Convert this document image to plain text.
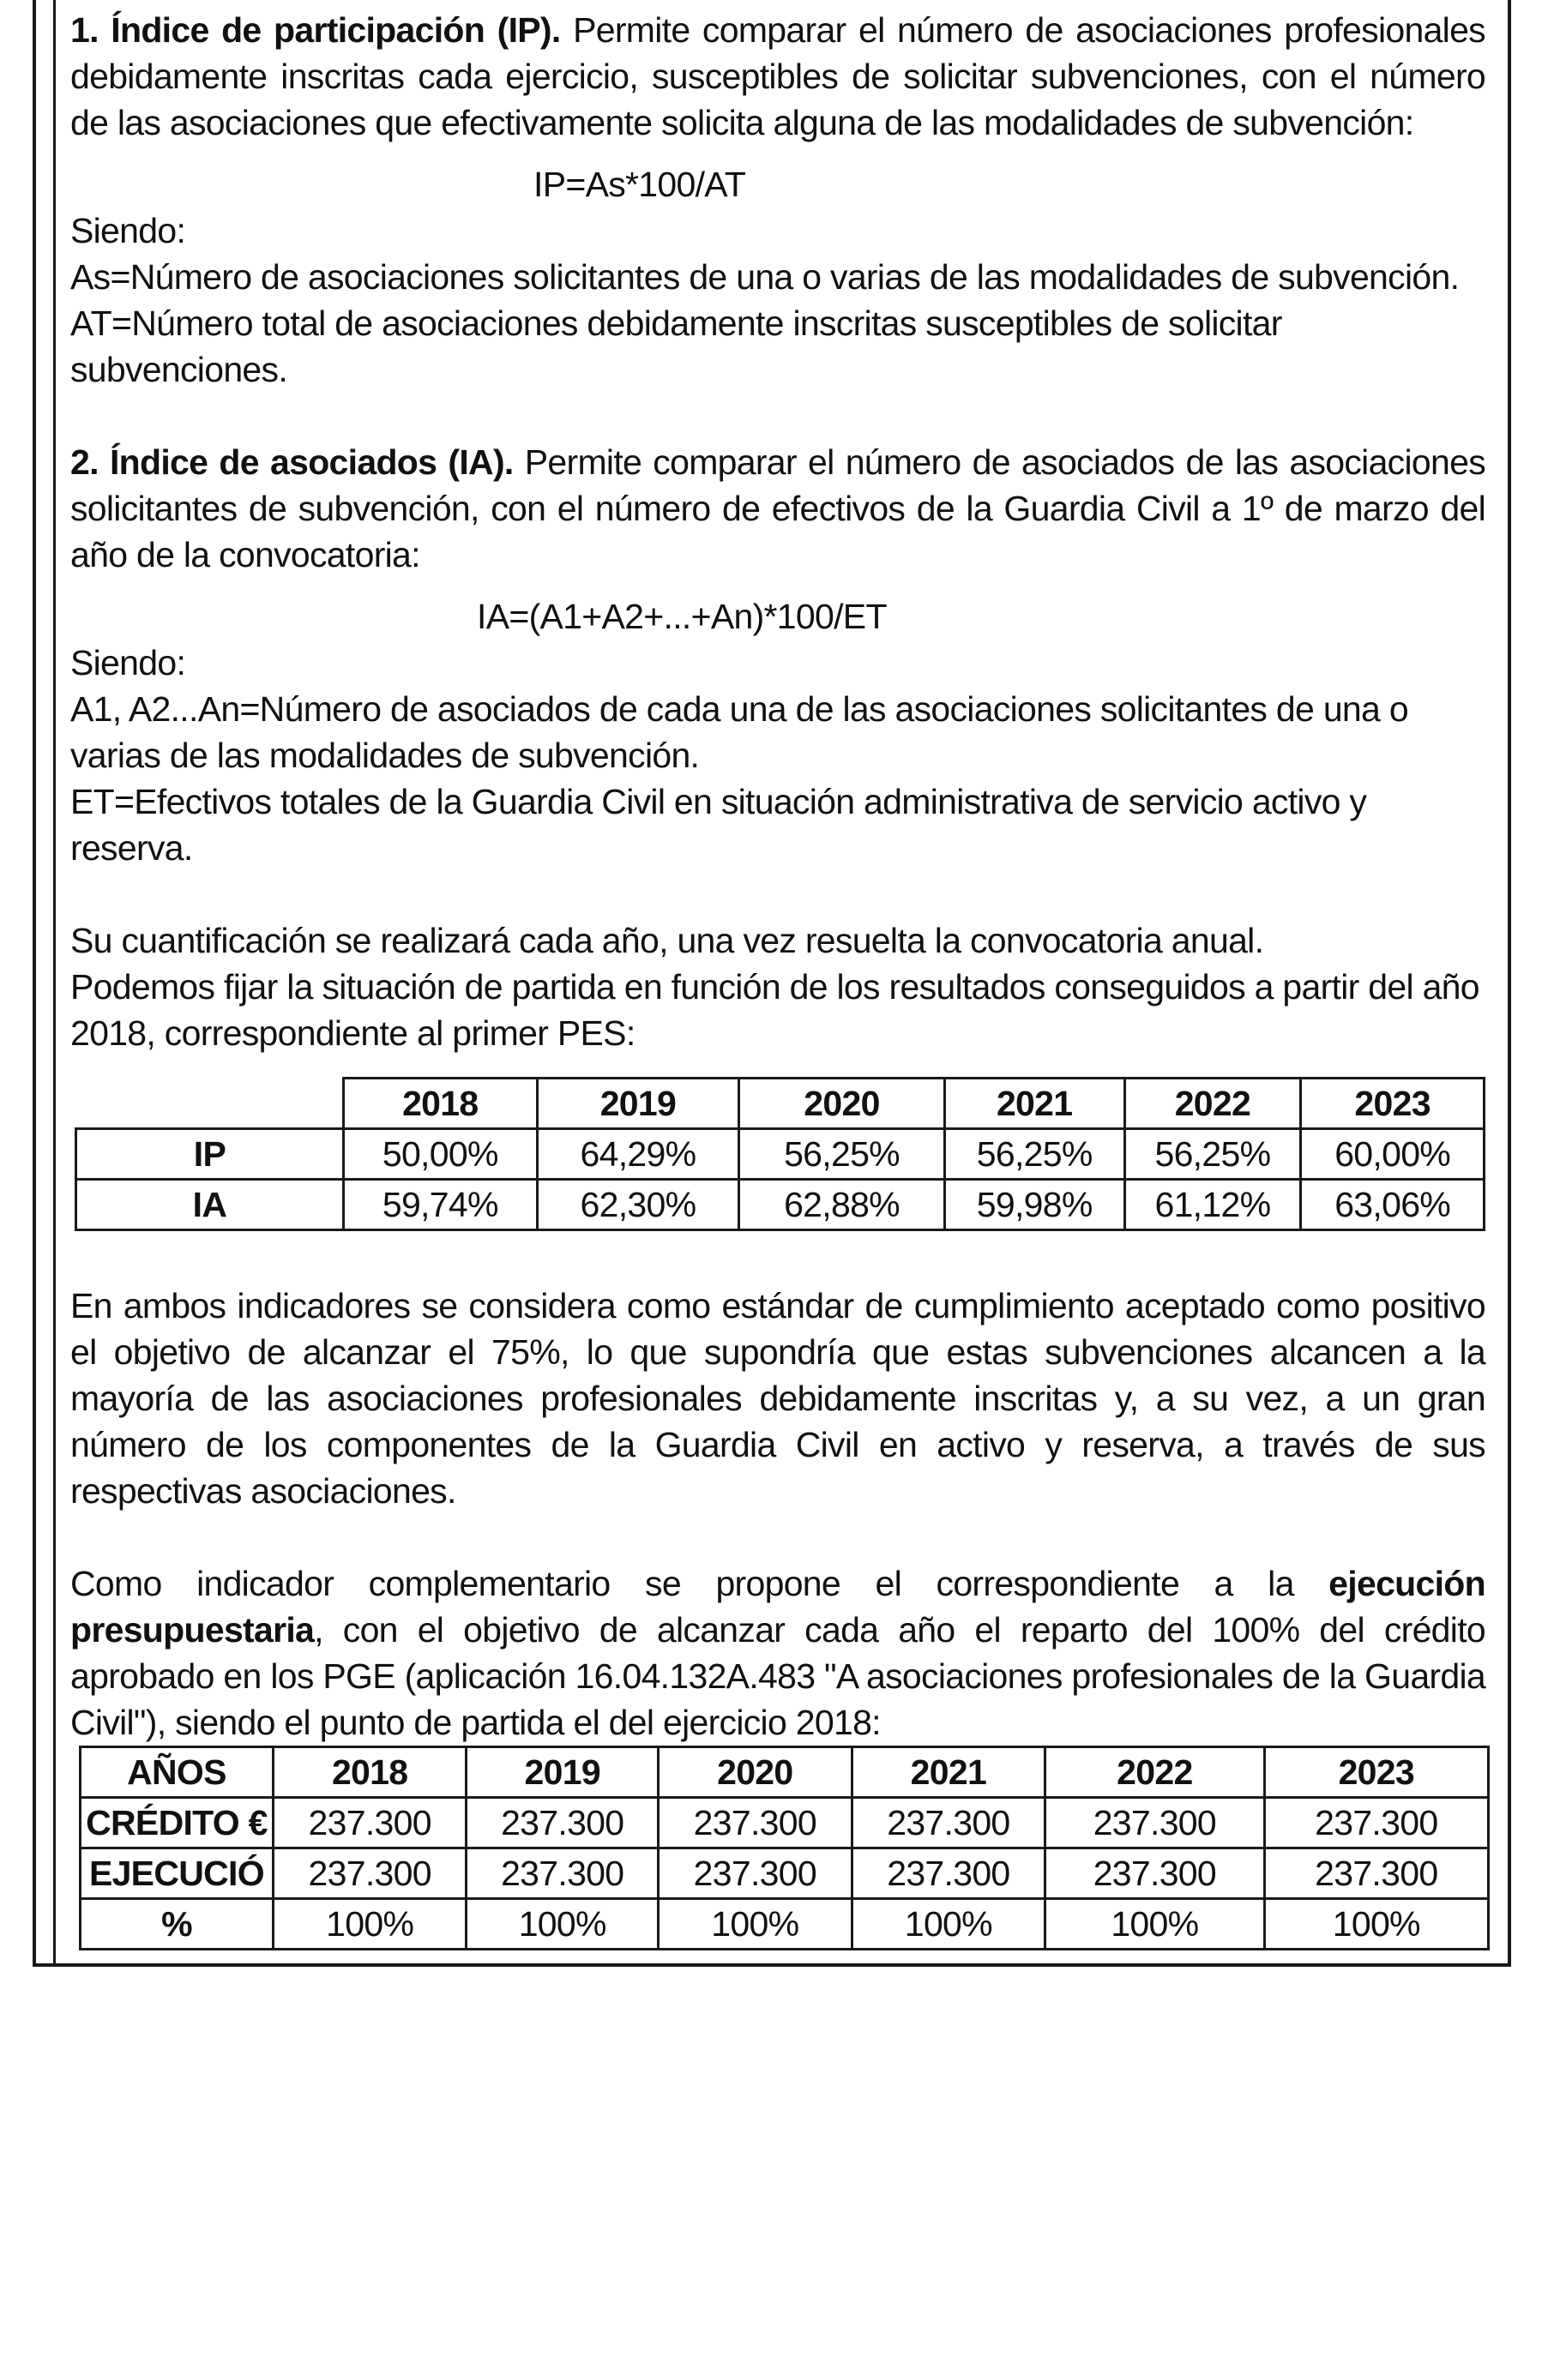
1. Índice de participación (IP). Permite comparar el número de asociaciones profesionales debidamente inscritas cada ejercicio, susceptibles de solicitar subvenciones, con el número de las asociaciones que efectivamente solicita alguna de las modalidades de subvención:

IP=As*100/AT

Siendo:

As=Número de asociaciones solicitantes de una o varias de las modalidades de subvención.

AT=Número total de asociaciones debidamente inscritas susceptibles de solicitar subvenciones.

2. Índice de asociados (IA). Permite comparar el número de asociados de las asociaciones solicitantes de subvención, con el número de efectivos de la Guardia Civil a 1º de marzo del año de la convocatoria:

IA=(A1+A2+...+An)*100/ET

Siendo:

A1, A2...An=Número de asociados de cada una de las asociaciones solicitantes de una o varias de las modalidades de subvención.

ET=Efectivos totales de la Guardia Civil en situación administrativa de servicio activo y reserva.

Su cuantificación se realizará cada año, una vez resuelta la convocatoria anual.

Podemos fijar la situación de partida en función de los resultados conseguidos a partir del año 2018, correspondiente al primer PES:

	2018	2019	2020	2021	2022	2023
IP	50,00%	64,29%	56,25%	56,25%	56,25%	60,00%
IA	59,74%	62,30%	62,88%	59,98%	61,12%	63,06%

En ambos indicadores se considera como estándar de cumplimiento aceptado como positivo el objetivo de alcanzar el 75%, lo que supondría que estas subvenciones alcancen a la mayoría de las asociaciones profesionales debidamente inscritas y, a su vez, a un gran número de los componentes de la Guardia Civil en activo y reserva, a través de sus respectivas asociaciones.

Como indicador complementario se propone el correspondiente a la ejecución presupuestaria, con el objetivo de alcanzar cada año el reparto del 100% del crédito aprobado en los PGE (aplicación 16.04.132A.483 "A asociaciones profesionales de la Guardia Civil"), siendo el punto de partida el del ejercicio 2018:

AÑOS	2018	2019	2020	2021	2022	2023
CRÉDITO €	237.300	237.300	237.300	237.300	237.300	237.300
EJECUCIÓ	237.300	237.300	237.300	237.300	237.300	237.300
%	100%	100%	100%	100%	100%	100%
